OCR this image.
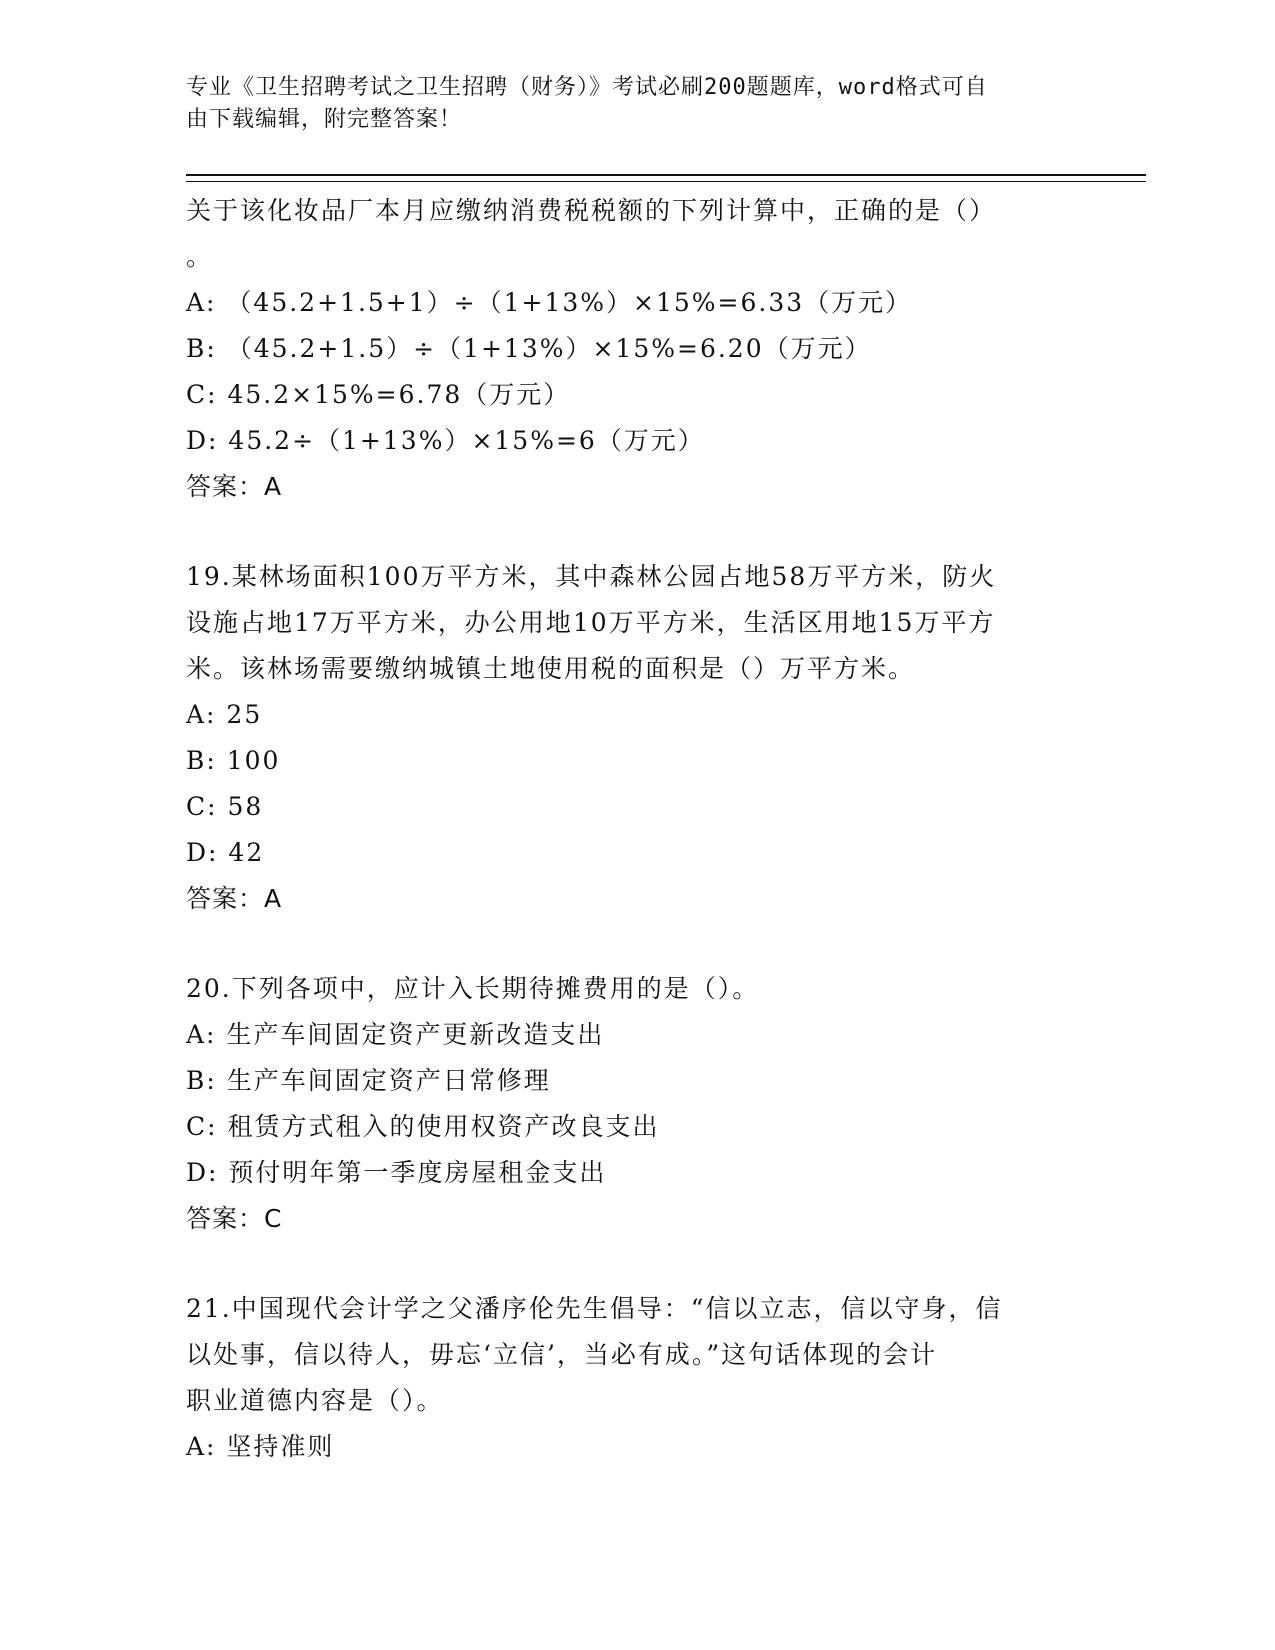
专业《卫生招聘考试之卫生招聘（财务）》考试必刷200题题库，word格式可自
由下载编辑，附完整答案！
关于该化妆品厂本月应缴纳消费税税额的下列计算中，正确的是（）
。
A: （45.2+1.5+1）÷（1+13%）×15%=6.33（万元）
B: （45.2+1.5）÷（1+13%）×15%=6.20（万元）
C: 45.2×15%=6.78（万元）
D: 45.2÷（1+13%）×15%=6（万元）
答案：A
19.某林场面积100万平方米，其中森林公园占地58万平方米，防火
设施占地17万平方米，办公用地10万平方米，生活区用地15万平方
米。该林场需要缴纳城镇土地使用税的面积是（）万平方米。
A: 25
B: 100
C: 58
D: 42
答案：A
20.下列各项中，应计入长期待摊费用的是（）。
A: 生产车间固定资产更新改造支出
B: 生产车间固定资产日常修理
C: 租赁方式租入的使用权资产改良支出
D: 预付明年第一季度房屋租金支出
答案：C
21.中国现代会计学之父潘序伦先生倡导：“信以立志，信以守身，信
以处事，信以待人，毋忘‘立信’，当必有成。”这句话体现的会计
职业道德内容是（）。
A: 坚持准则
